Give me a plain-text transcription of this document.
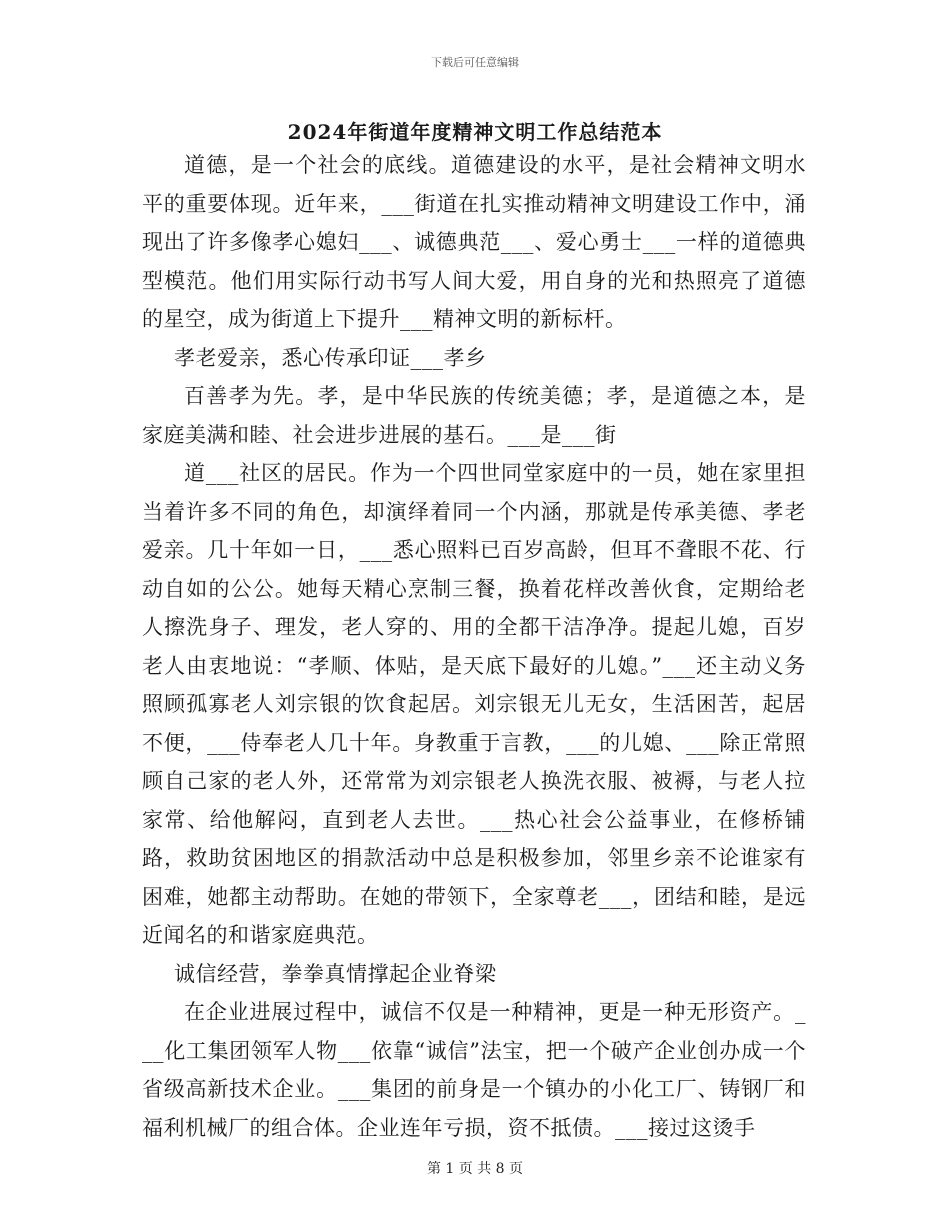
下载后可任意编辑
2024年街道年度精神文明工作总结范本

道德，是一个社会的底线。道德建设的水平，是社会精神文明水平的重要体现。近年来，___街道在扎实推动精神文明建设工作中，涌现出了许多像孝心媳妇___、诚德典范___、爱心勇士___一样的道德典型模范。他们用实际行动书写人间大爱，用自身的光和热照亮了道德的星空，成为街道上下提升___精神文明的新标杆。

孝老爱亲，悉心传承印证___孝乡

百善孝为先。孝，是中华民族的传统美德；孝，是道德之本，是家庭美满和睦、社会进步进展的基石。___是___街

道___社区的居民。作为一个四世同堂家庭中的一员，她在家里担当着许多不同的角色，却演绎着同一个内涵，那就是传承美德、孝老爱亲。几十年如一日，___悉心照料已百岁高龄，但耳不聋眼不花、行动自如的公公。她每天精心烹制三餐，换着花样改善伙食，定期给老人擦洗身子、理发，老人穿的、用的全都干洁净净。提起儿媳，百岁老人由衷地说：“孝顺、体贴，是天底下最好的儿媳。”___还主动义务照顾孤寡老人刘宗银的饮食起居。刘宗银无儿无女，生活困苦，起居不便，___侍奉老人几十年。身教重于言教，___的儿媳、___除正常照顾自己家的老人外，还常常为刘宗银老人换洗衣服、被褥，与老人拉家常、给他解闷，直到老人去世。___热心社会公益事业，在修桥铺路，救助贫困地区的捐款活动中总是积极参加，邻里乡亲不论谁家有困难，她都主动帮助。在她的带领下，全家尊老___，团结和睦，是远近闻名的和谐家庭典范。

诚信经营，拳拳真情撑起企业脊梁

在企业进展过程中，诚信不仅是一种精神，更是一种无形资产。___化工集团领军人物___依靠“诚信”法宝，把一个破产企业创办成一个省级高新技术企业。___集团的前身是一个镇办的小化工厂、铸钢厂和福利机械厂的组合体。企业连年亏损，资不抵债。___接过这烫手

第 1 页 共 8 页
